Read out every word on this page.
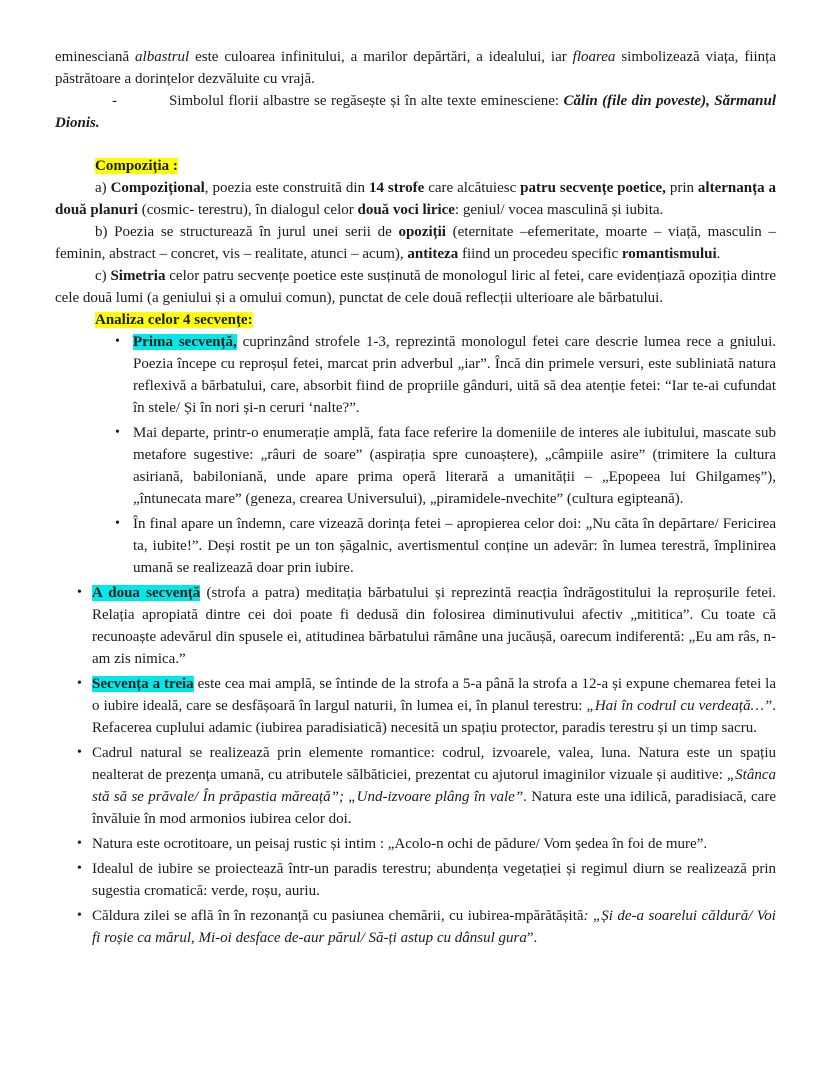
eminesciană albastrul este culoarea infinitului, a marilor depărtări, a idealului, iar floarea simbolizează viața, ființa păstrătoare a dorințelor dezvăluite cu vrajă.
-	Simbolul florii albastre se regăsește și în alte texte eminesciene: Călin (file din poveste), Sărmanul Dionis.
Compoziția :
a) Compozițional, poezia este construită din 14 strofe care alcătuiesc patru secvențe poetice, prin alternanța a două planuri (cosmic- terestru), în dialogul celor două voci lirice: geniul/ vocea masculină și iubita.
b) Poezia se structurează în jurul unei serii de opoziții (eternitate –efemeritate, moarte – viață, masculin – feminin, abstract – concret, vis – realitate, atunci – acum), antiteza fiind un procedeu specific romantismului.
c) Simetria celor patru secvențe poetice este susținută de monologul liric al fetei, care evidențiază opoziția dintre cele două lumi (a geniului și a omului comun), punctat de cele două reflecții ulterioare ale bărbatului.
Analiza celor 4 secvențe:
• Prima secvență, cuprinzând strofele 1-3, reprezintă monologul fetei care descrie lumea rece a gniului. Poezia începe cu reproșul fetei, marcat prin adverbul „iar”. Încă din primele versuri, este subliniată natura reflexivă a bărbatului, care, absorbit fiind de propriile gânduri, uită să dea atenție fetei: “Iar te-ai cufundat în stele/ Și în nori și-n ceruri ‘nalte?”.
• Mai departe, printr-o enumerație amplă, fata face referire la domeniile de interes ale iubitului, mascate sub metafore sugestive: „râuri de soare” (aspirația spre cunoaștere), „câmpiile asire” (trimitere la cultura asiriană, babiloniană, unde apare prima operă literară a umanității – „Epopeea lui Ghilgameș”), „întunecata mare” (geneza, crearea Universului), „piramidele-nvechite” (cultura egipteană).
• În final apare un îndemn, care vizează dorința fetei – apropierea celor doi: „Nu căta în depărtare/ Fericirea ta, iubite!”. Deși rostit pe un ton șăgalnic, avertismentul conține un adevăr: în lumea terestră, împlinirea umană se realizează doar prin iubire.
• A doua secvență (strofa a patra) meditația bărbatului și reprezintă reacția îndrăgostitului la reproșurile fetei. Relația apropiată dintre cei doi poate fi dedusă din folosirea diminutivului afectiv „mititica”. Cu toate că recunoaște adevărul din spusele ei, atitudinea bărbatului rămâne una jucăușă, oarecum indiferentă: „Eu am râs, n-am zis nimica.”
• Secvența a treia este cea mai amplă, se întinde de la strofa a 5-a până la strofa a 12-a și expune chemarea fetei la o iubire ideală, care se desfășoară în largul naturii, în lumea ei, în planul terestru: „Hai în codrul cu verdeață…”. Refacerea cuplului adamic (iubirea paradisiatică) necesită un spațiu protector, paradis terestru și un timp sacru.
• Cadrul natural se realizează prin elemente romantice: codrul, izvoarele, valea, luna. Natura este un spațiu nealterat de prezența umană, cu atributele sălbăticiei, prezentat cu ajutorul imaginilor vizuale și auditive: „Stânca stă să se prăvale/ În prăpastia măreață”; „Und-izvoare plâng în vale”. Natura este una idilică, paradisiacă, care învăluie în mod armonios iubirea celor doi.
• Natura este ocrotitoare, un peisaj rustic și intim : „Acolo-n ochi de pădure/ Vom ședea în foi de mure”.
• Idealul de iubire se proiectează într-un paradis terestru; abundența vegetației și regimul diurn se realizează prin sugestia cromatică: verde, roșu, auriu.
• Căldura zilei se află în în rezonanță cu pasiunea chemării, cu iubirea-mpărătășită: „Și de-a soarelui căldură/ Voi fi roșie ca mărul, Mi-oi desface de-aur părul/ Să-ți astup cu dânsul gura”.
